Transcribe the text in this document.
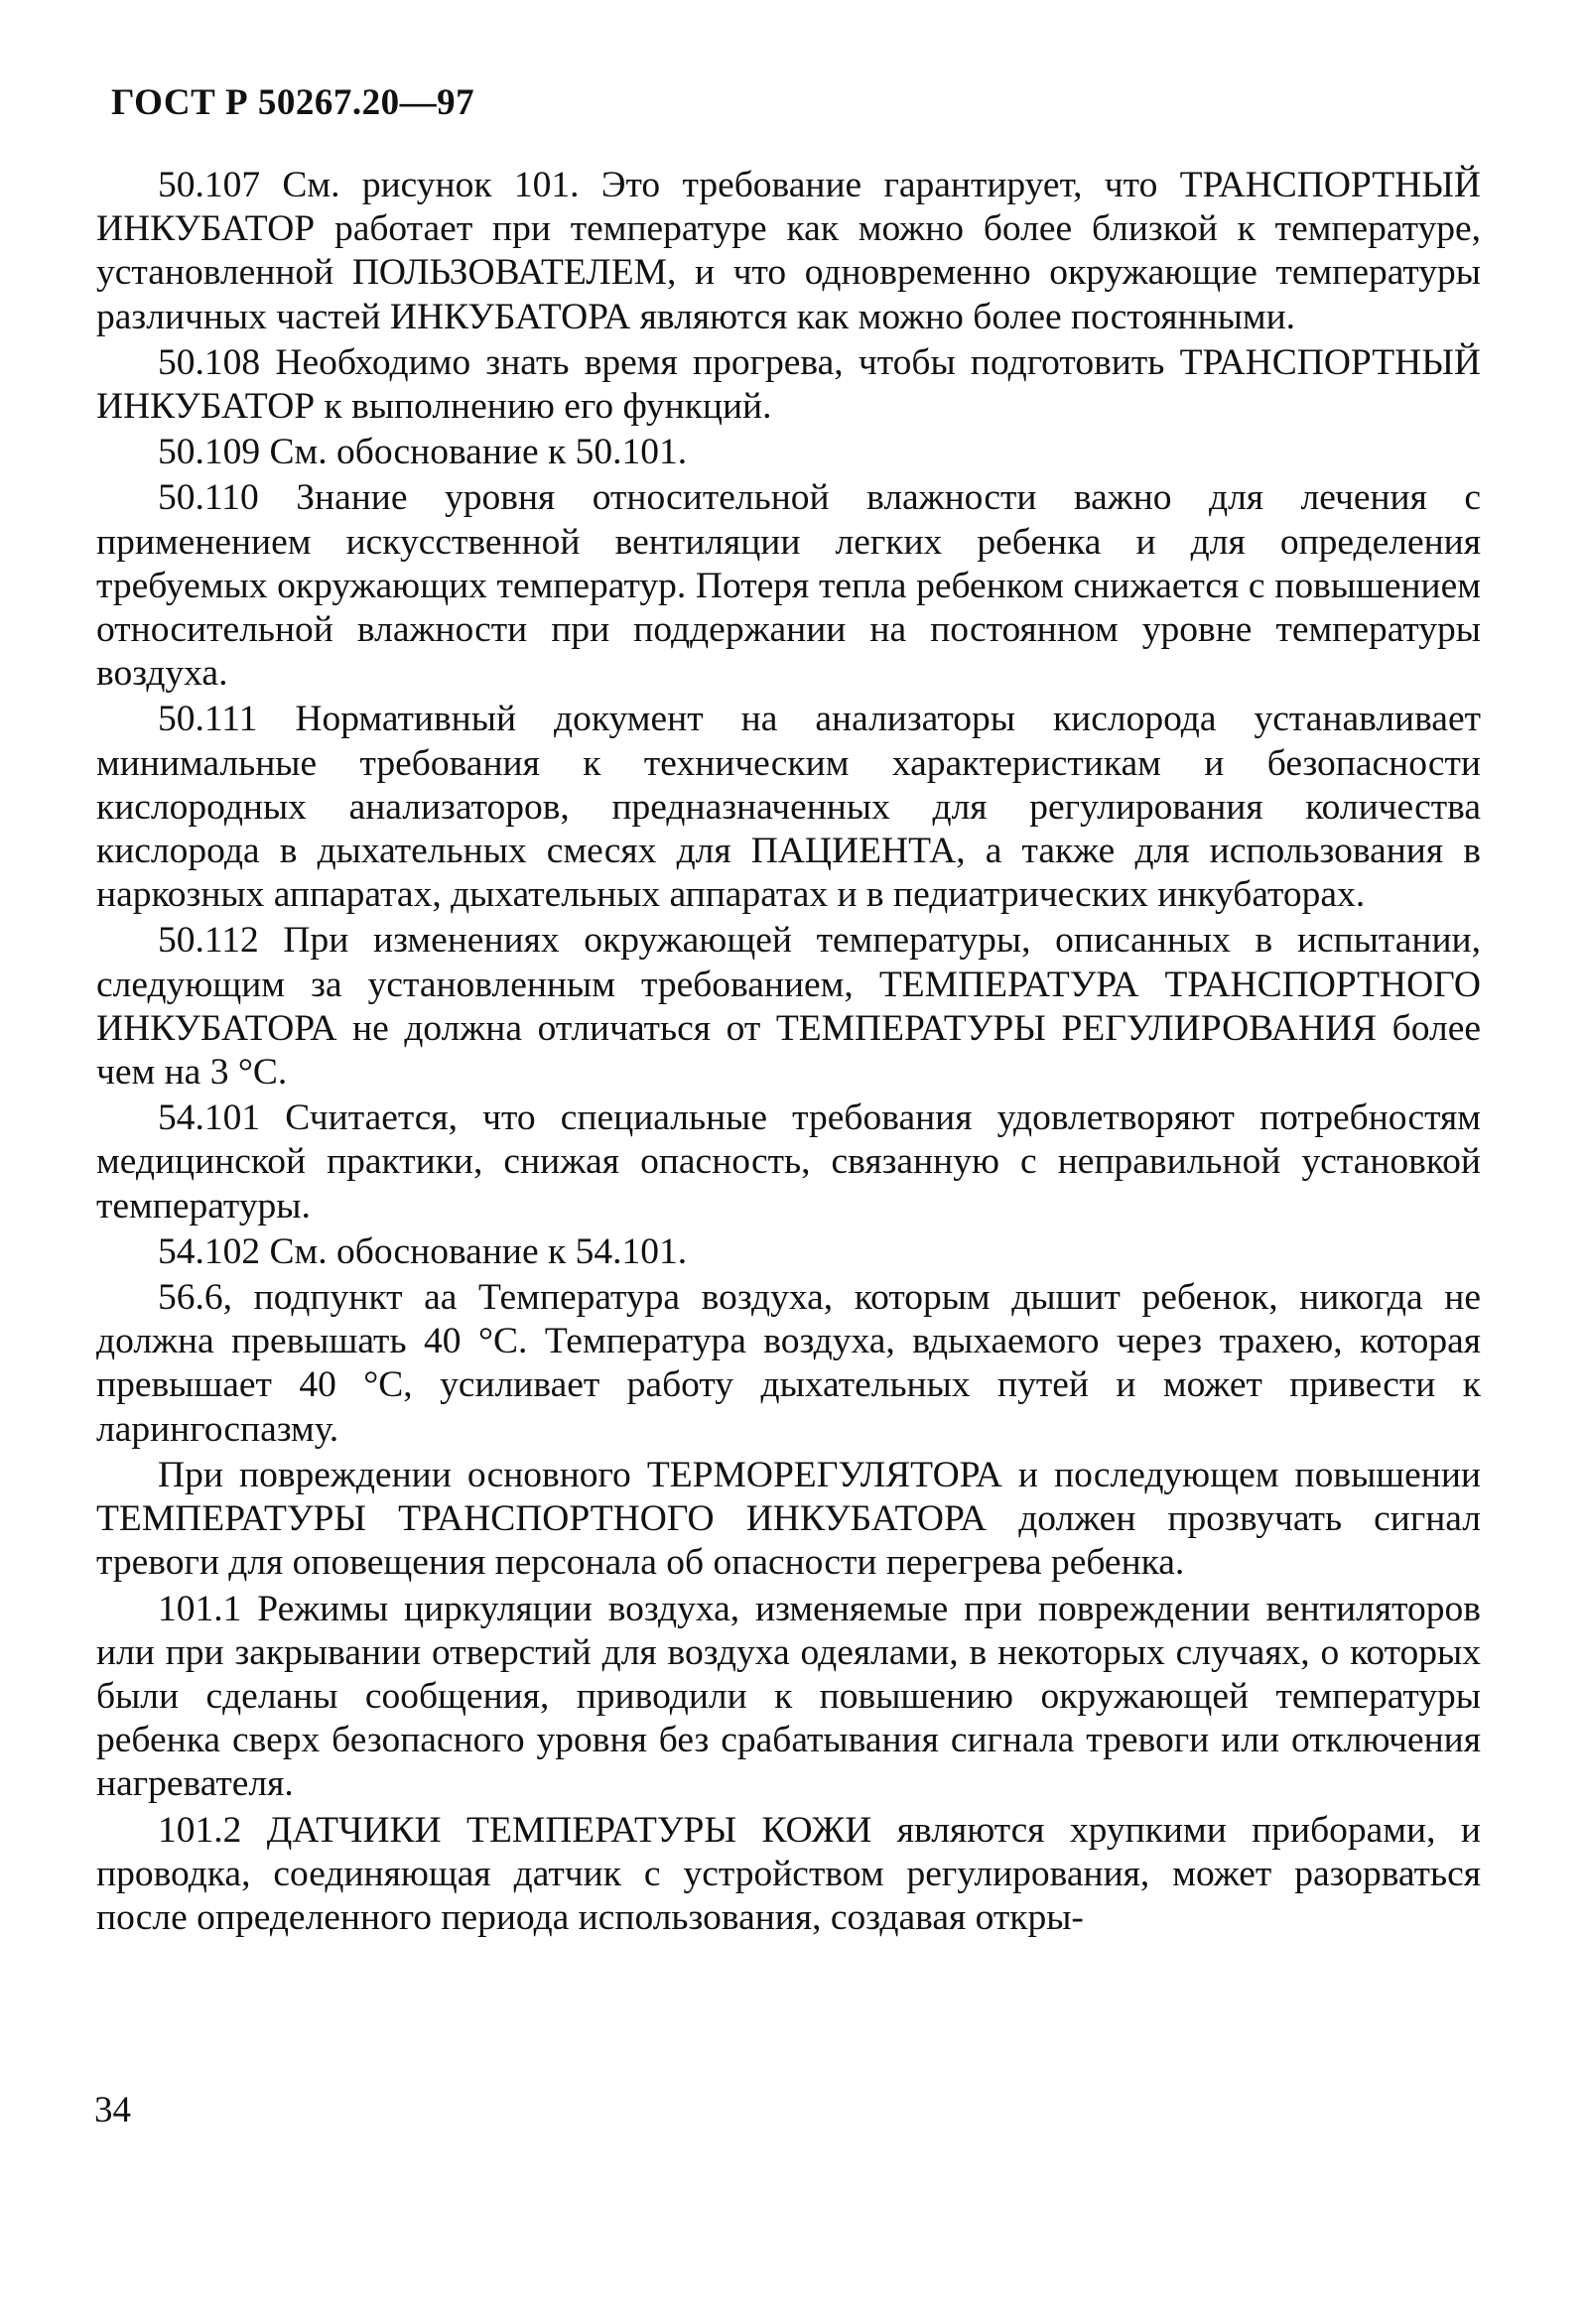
ГОСТ Р 50267.20—97

50.107 См. рисунок 101. Это требование гарантирует, что ТРАНСПОРТНЫЙ ИНКУБАТОР работает при температуре как можно более близкой к температуре, установленной ПОЛЬЗОВАТЕЛЕМ, и что одновременно окружающие температуры различных частей ИНКУБАТОРА являются как можно более постоянными.

50.108 Необходимо знать время прогрева, чтобы подготовить ТРАНСПОРТНЫЙ ИНКУБАТОР к выполнению его функций.

50.109 См. обоснование к 50.101.

50.110 Знание уровня относительной влажности важно для лечения с применением искусственной вентиляции легких ребенка и для определения требуемых окружающих температур. Потеря тепла ребенком снижается с повышением относительной влажности при поддержании на постоянном уровне температуры воздуха.

50.111 Нормативный документ на анализаторы кислорода устанавливает минимальные требования к техническим характеристикам и безопасности кислородных анализаторов, предназначенных для регулирования количества кислорода в дыхательных смесях для ПАЦИЕНТА, а также для использования в наркозных аппаратах, дыхательных аппаратах и в педиатрических инкубаторах.

50.112 При изменениях окружающей температуры, описанных в испытании, следующим за установленным требованием, ТЕМПЕРАТУРА ТРАНСПОРТНОГО ИНКУБАТОРА не должна отличаться от ТЕМПЕРАТУРЫ РЕГУЛИРОВАНИЯ более чем на 3 °С.

54.101 Считается, что специальные требования удовлетворяют потребностям медицинской практики, снижая опасность, связанную с неправильной установкой температуры.

54.102 См. обоснование к 54.101.

56.6, подпункт аа Температура воздуха, которым дышит ребенок, никогда не должна превышать 40 °С. Температура воздуха, вдыхаемого через трахею, которая превышает 40 °С, усиливает работу дыхательных путей и может привести к ларингоспазму.

При повреждении основного ТЕРМОРЕГУЛЯТОРА и последующем повышении ТЕМПЕРАТУРЫ ТРАНСПОРТНОГО ИНКУБАТОРА должен прозвучать сигнал тревоги для оповещения персонала об опасности перегрева ребенка.

101.1 Режимы циркуляции воздуха, изменяемые при повреждении вентиляторов или при закрывании отверстий для воздуха одеялами, в некоторых случаях, о которых были сделаны сообщения, приводили к повышению окружающей температуры ребенка сверх безопасного уровня без срабатывания сигнала тревоги или отключения нагревателя.

101.2 ДАТЧИКИ ТЕМПЕРАТУРЫ КОЖИ являются хрупкими приборами, и проводка, соединяющая датчик с устройством регулирования, может разорваться после определенного периода использования, создавая откры-

34
